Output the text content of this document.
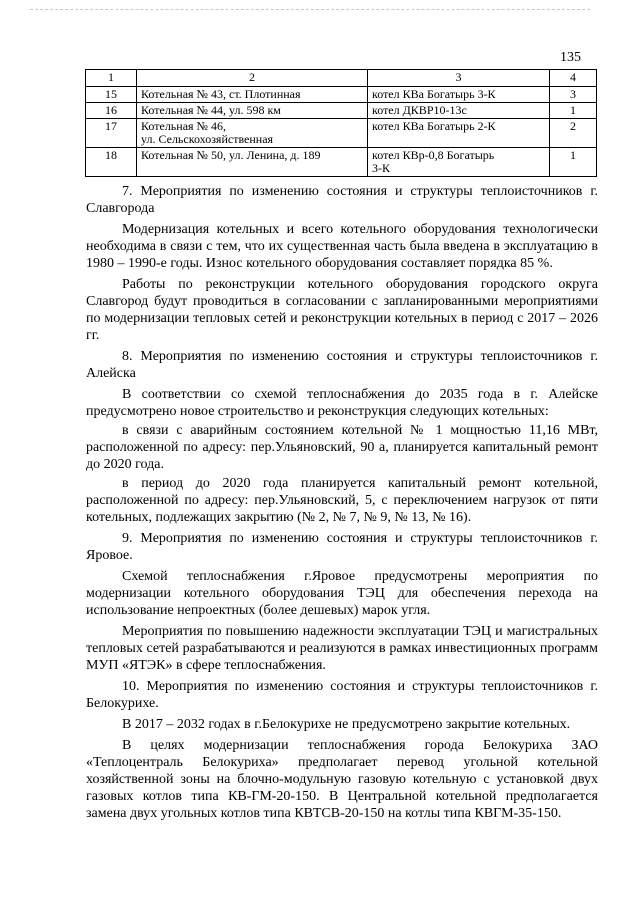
135
1	2	3	4
15	Котельная № 43, ст. Плотинная	котел КВа Богатырь 3-К	3
16	Котельная № 44, ул. 598 км	котел ДКВР10-13с	1
17	Котельная № 46,
ул. Сельскохозяйственная	котел КВа Богатырь 2-К	2
18	Котельная № 50, ул. Ленина, д. 189	котел КВр-0,8 Богатырь
3-К	1

7. Мероприятия по изменению состояния и структуры теплоисточников г. Славгорода

Модернизация котельных и всего котельного оборудования технологически необходима в связи с тем, что их существенная часть была введена в эксплуатацию в 1980 – 1990-е годы. Износ котельного оборудования составляет порядка 85 %.

Работы по реконструкции котельного оборудования городского округа Славгород будут проводиться в согласовании с запланированными мероприятиями по модернизации тепловых сетей и реконструкции котельных в период с 2017 – 2026 гг.

8. Мероприятия по изменению состояния и структуры теплоисточников г. Алейска

В соответствии со схемой теплоснабжения до 2035 года в г. Алейске предусмотрено новое строительство и реконструкция следующих котельных:

в связи с аварийным состоянием котельной № 1 мощностью 11,16 МВт, расположенной по адресу: пер.Ульяновский, 90 а, планируется капитальный ремонт до 2020 года.

в период до 2020 года планируется капитальный ремонт котельной, расположенной по адресу: пер.Ульяновский, 5, с переключением нагрузок от пяти котельных, подлежащих закрытию (№ 2, № 7, № 9, № 13, № 16).

9. Мероприятия по изменению состояния и структуры теплоисточников г. Яровое.

Схемой теплоснабжения г.Яровое предусмотрены мероприятия по модернизации котельного оборудования ТЭЦ для обеспечения перехода на использование непроектных (более дешевых) марок угля.

Мероприятия по повышению надежности эксплуатации ТЭЦ и магистральных тепловых сетей разрабатываются и реализуются в рамках инвестиционных программ МУП «ЯТЭК» в сфере теплоснабжения.

10. Мероприятия по изменению состояния и структуры теплоисточников г. Белокурихе.

В 2017 – 2032 годах в г.Белокурихе не предусмотрено закрытие котельных.

В целях модернизации теплоснабжения города Белокуриха ЗАО «Теплоцентраль Белокуриха» предполагает перевод угольной котельной хозяйственной зоны на блочно-модульную газовую котельную с установкой двух газовых котлов типа КВ-ГМ-20-150. В Центральной котельной предполагается замена двух угольных котлов типа КВТСВ-20-150 на котлы типа КВГМ-35-150.
